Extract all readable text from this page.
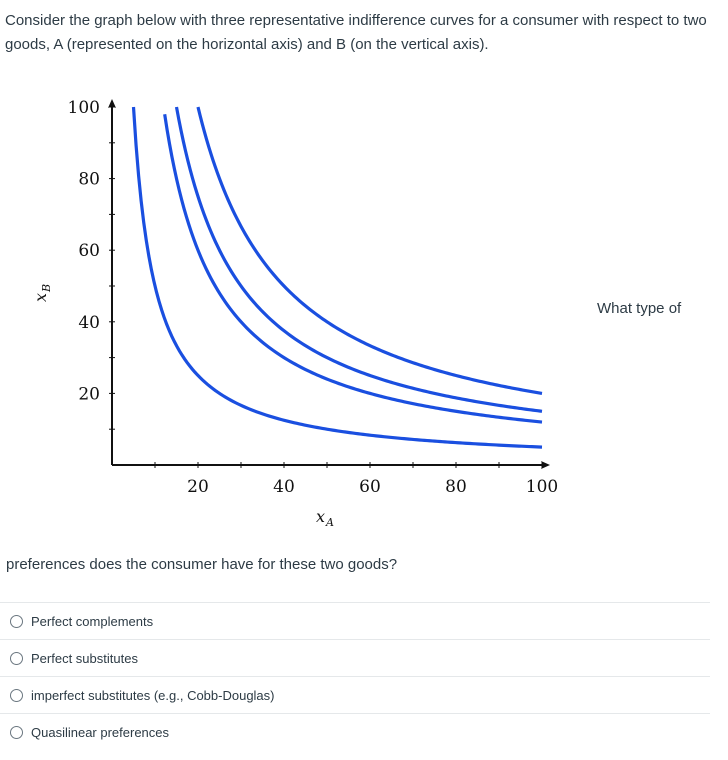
Consider the graph below with three representative indifference curves for a consumer with respect to two goods, A (represented on the horizontal axis) and B (on the vertical axis).

20	40	60	80	100
20
40
60
80
100
x A
x
B
What type of
preferences does the consumer have for these two goods?
Perfect complements
Perfect substitutes
imperfect substitutes (e.g., Cobb-Douglas)
Quasilinear preferences
